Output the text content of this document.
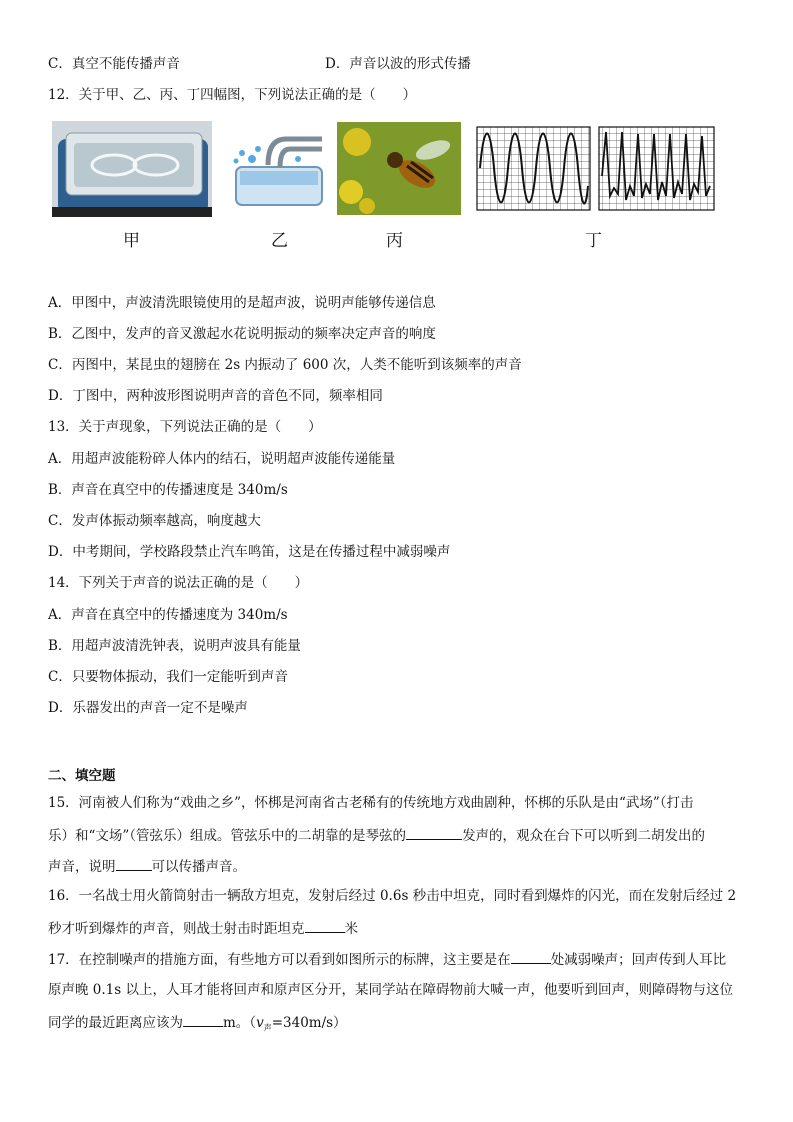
C．真空不能传播声音	D．声音以波的形式传播
12．关于甲、乙、丙、丁四幅图，下列说法正确的是（　　）
甲	乙	丙	丁
A．甲图中，声波清洗眼镜使用的是超声波，说明声能够传递信息
B．乙图中，发声的音叉激起水花说明振动的频率决定声音的响度
C．丙图中，某昆虫的翅膀在 2s 内振动了 600 次，人类不能听到该频率的声音
D．丁图中，两种波形图说明声音的音色不同，频率相同
13．关于声现象，下列说法正确的是（　　）
A．用超声波能粉碎人体内的结石，说明超声波能传递能量
B．声音在真空中的传播速度是 340m/s
C．发声体振动频率越高，响度越大
D．中考期间，学校路段禁止汽车鸣笛，这是在传播过程中减弱噪声
14．下列关于声音的说法正确的是（　　）
A．声音在真空中的传播速度为 340m/s
B．用超声波清洗钟表，说明声波具有能量
C．只要物体振动，我们一定能听到声音
D．乐器发出的声音一定不是噪声
二、填空题
15．河南被人们称为“戏曲之乡”，怀梆是河南省古老稀有的传统地方戏曲剧种，怀梆的乐队是由“武场”（打击
乐）和“文场”（管弦乐）组成。管弦乐中的二胡靠的是琴弦的	发声的，观众在台下可以听到二胡发出的
声音，说明	可以传播声音。
16．一名战士用火箭筒射击一辆敌方坦克，发射后经过 0.6s 秒击中坦克，同时看到爆炸的闪光，而在发射后经过 2
秒才听到爆炸的声音，则战士射击时距坦克	米
17．在控制噪声的措施方面，有些地方可以看到如图所示的标牌，这主要是在	处减弱噪声；回声传到人耳比
原声晚 0.1s 以上，人耳才能将回声和原声区分开，某同学站在障碍物前大喊一声，他要听到回声，则障碍物与这位
同学的最近距离应该为	m。$(v_声=340m/s)$
